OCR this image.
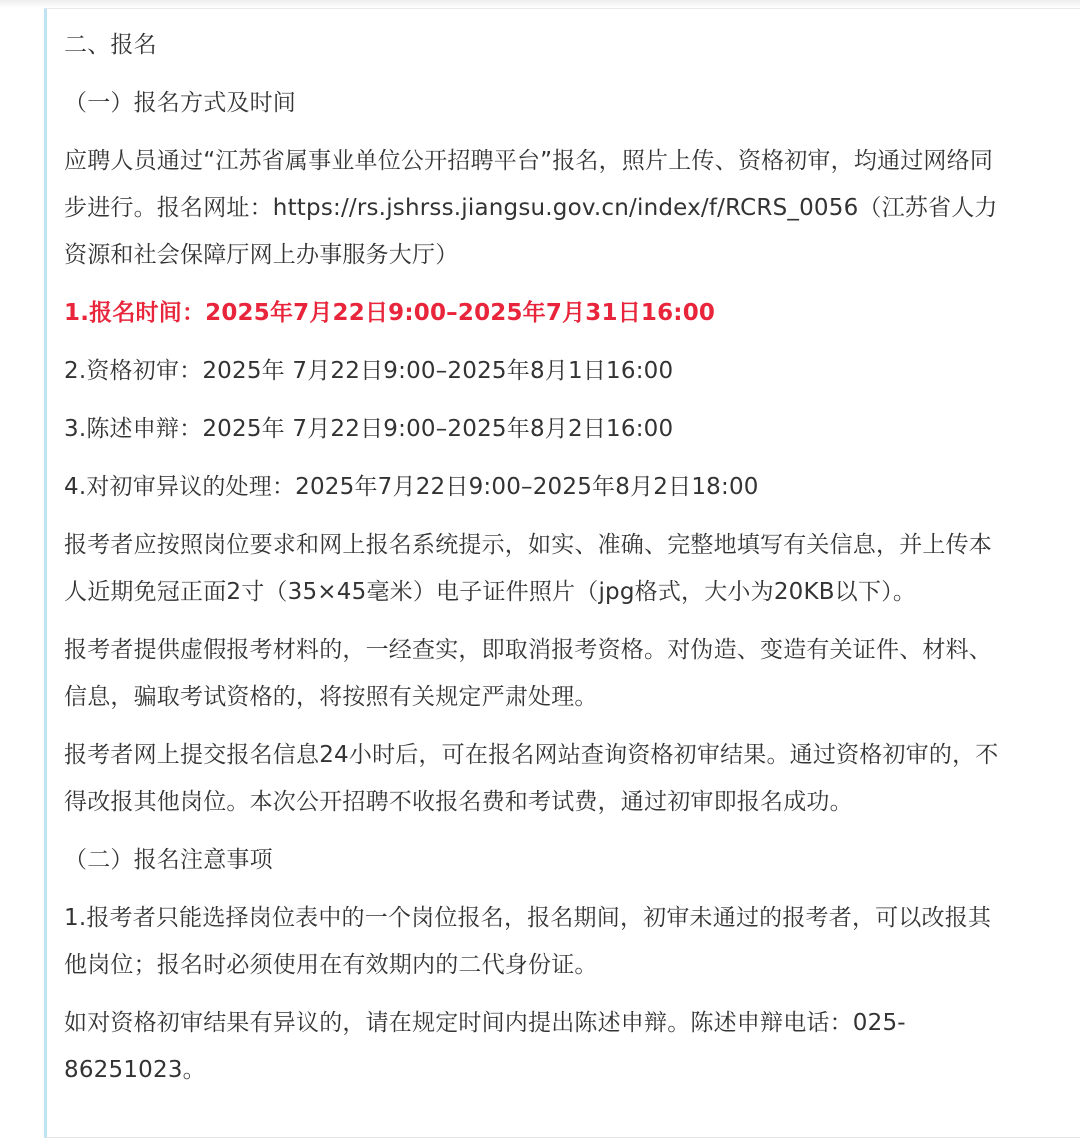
二、报名

（一）报名方式及时间

应聘人员通过“江苏省属事业单位公开招聘平台”报名，照片上传、资格初审，均通过网络同步进行。报名网址：https://rs.jshrss.jiangsu.gov.cn/index/f/RCRS_0056（江苏省人力资源和社会保障厅网上办事服务大厅）

1.报名时间：2025年7月22日9:00–2025年7月31日16:00

2.资格初审：2025年 7月22日9:00–2025年8月1日16:00

3.陈述申辩：2025年 7月22日9:00–2025年8月2日16:00

4.对初审异议的处理：2025年7月22日9:00–2025年8月2日18:00

报考者应按照岗位要求和网上报名系统提示，如实、准确、完整地填写有关信息，并上传本人近期免冠正面2寸（35×45毫米）电子证件照片（jpg格式，大小为20KB以下）。

报考者提供虚假报考材料的，一经查实，即取消报考资格。对伪造、变造有关证件、材料、信息，骗取考试资格的，将按照有关规定严肃处理。

报考者网上提交报名信息24小时后，可在报名网站查询资格初审结果。通过资格初审的，不得改报其他岗位。本次公开招聘不收报名费和考试费，通过初审即报名成功。

（二）报名注意事项

1.报考者只能选择岗位表中的一个岗位报名，报名期间，初审未通过的报考者，可以改报其他岗位；报名时必须使用在有效期内的二代身份证。

如对资格初审结果有异议的，请在规定时间内提出陈述申辩。陈述申辩电话：025-86251023。
